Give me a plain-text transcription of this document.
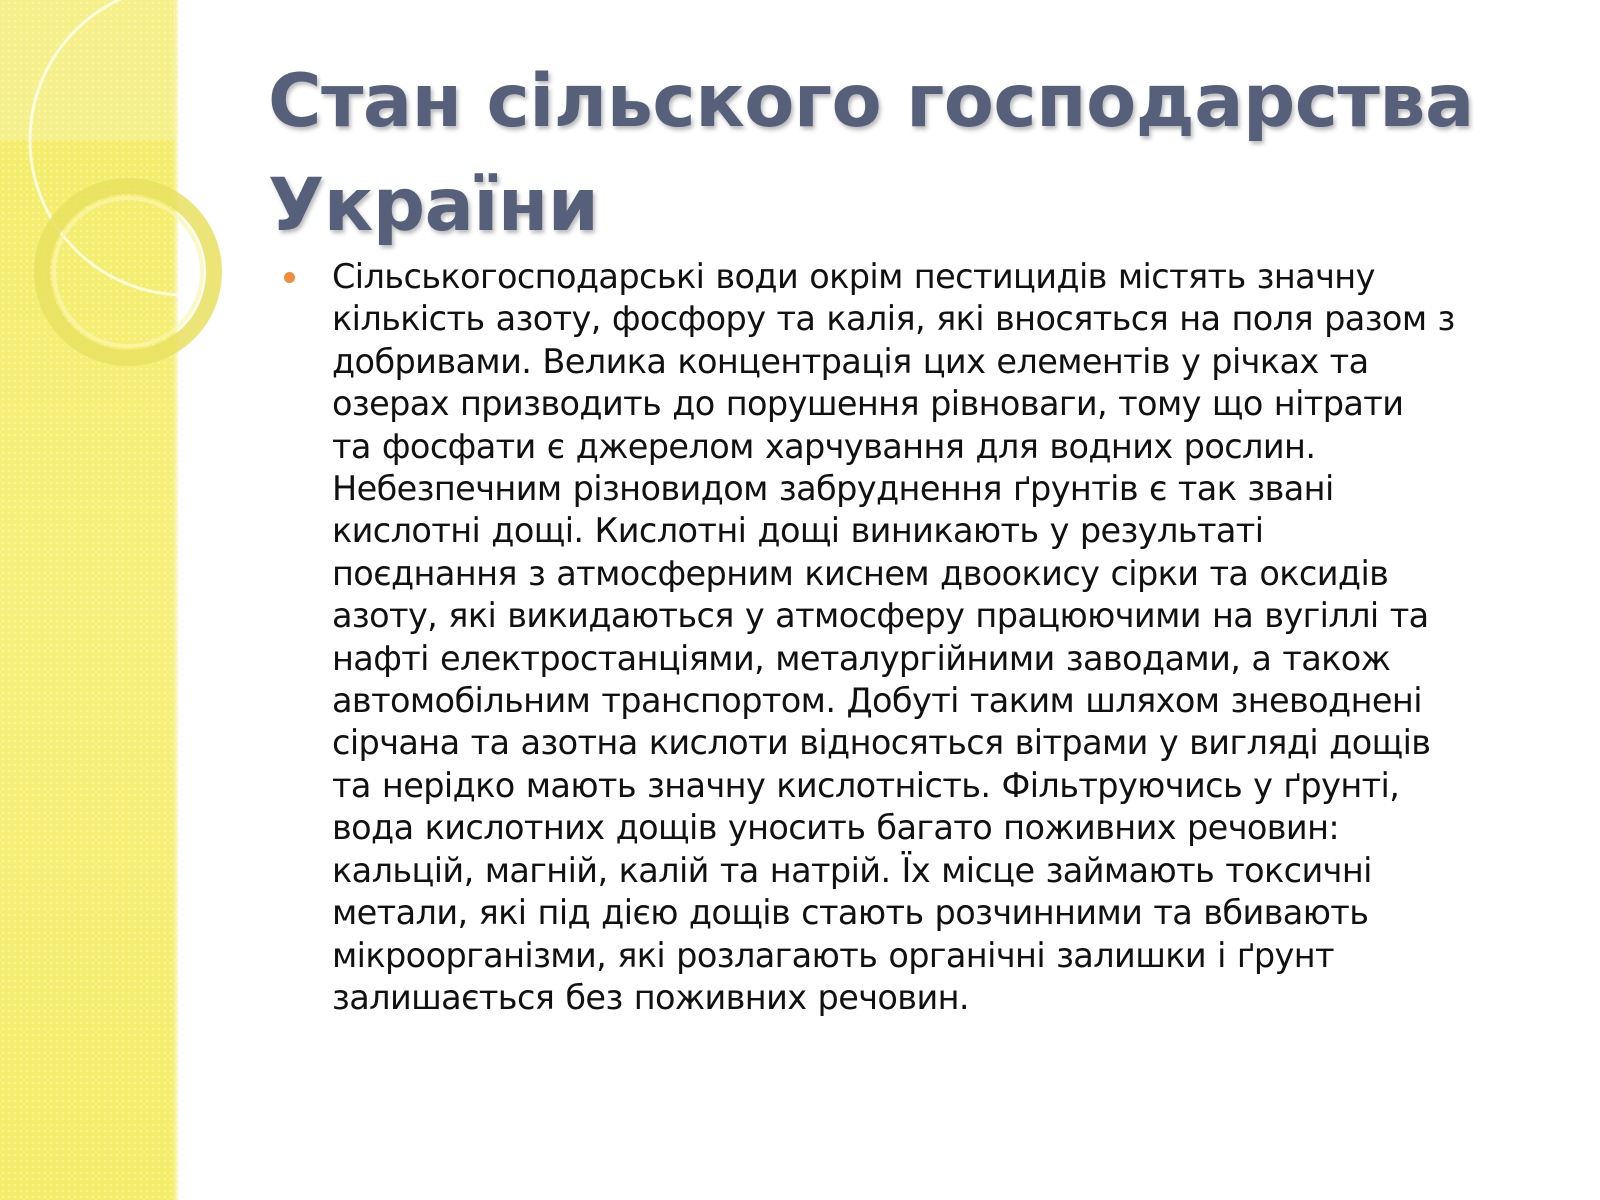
Стан сільского господарства
України

Сільськогосподарські води окрім пестицидів містять значну
кількість азоту, фосфору та калія, які вносяться на поля разом з
добривами. Велика концентрація цих елементів у річках та
озерах призводить до порушення рівноваги, тому що нітрати
та фосфати є джерелом харчування для водних рослин.
Небезпечним різновидом забруднення ґрунтів є так звані
кислотні дощі. Кислотні дощі виникають у результаті
поєднання з атмосферним киснем двоокису сірки та оксидів
азоту, які викидаються у атмосферу працюючими на вугіллі та
нафті електростанціями, металургійними заводами, а також
автомобільним транспортом. Добуті таким шляхом зневоднені
сірчана та азотна кислоти відносяться вітрами у вигляді дощів
та нерідко мають значну кислотність. Фільтруючись у ґрунті,
вода кислотних дощів уносить багато поживних речовин:
кальцій, магній, калій та натрій. Їх місце займають токсичні
метали, які під дією дощів стають розчинними та вбивають
мікроорганізми, які розлагають органічні залишки і ґрунт
залишається без поживних речовин.
